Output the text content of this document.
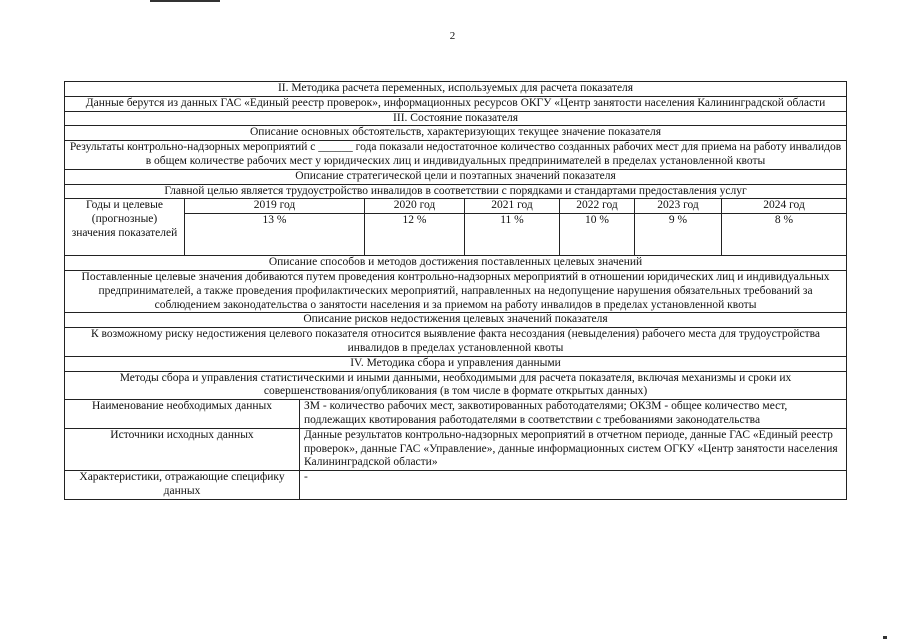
2
II. Методика расчета переменных, используемых для расчета показателя							
Данные берутся из данных ГАС «Единый реестр проверок», информационных ресурсов ОКГУ «Центр занятости населения Калининградской области							
III. Состояние показателя							
Описание основных обстоятельств, характеризующих текущее значение показателя							
Результаты контрольно-надзорных мероприятий с ______ года показали недостаточное количество созданных рабочих мест для приема на работу инвалидов в общем количестве рабочих мест у юридических лиц и индивидуальных предпринимателей в пределах установленной квоты							
Описание стратегической цели и поэтапных значений показателя							
Главной целью является трудоустройство инвалидов в соответствии с порядками и стандартами предоставления услуг							
Годы и целевые (прогнозные) значения показателей	2019 год		2020 год	2021 год	2022 год	2023 год	2024 год
	13 %		12 %	11 %	10 %	9 %	8 %
Описание способов и методов достижения поставленных целевых значений							
Поставленные целевые значения добиваются путем проведения контрольно-надзорных мероприятий в отношении юридических лиц и индивидуальных предпринимателей, а также проведения профилактических мероприятий, направленных на недопущение нарушения обязательных требований за соблюдением законодательства о занятости населения и за приемом на работу инвалидов в пределах установленной квоты							
Описание рисков недостижения целевых значений показателя							
К возможному риску недостижения целевого показателя относится выявление факта несоздания (невыделения) рабочего места для трудоустройства инвалидов в пределах установленной квоты							
IV. Методика сбора и управления данными							
Методы сбора и управления статистическими и иными данными, необходимыми для расчета показателя, включая механизмы и сроки их совершенствования/опубликования (в том числе в формате открытых данных)							
Наименование необходимых данных		ЗМ - количество рабочих мест, заквотированных работодателями; ОКЗМ - общее количество мест, подлежащих квотирования работодателями в соответствии с требованиями законодательства					
Источники исходных данных		Данные результатов контрольно-надзорных мероприятий в отчетном периоде, данные ГАС «Единый реестр проверок», данные ГАС «Управление», данные информационных систем ОГКУ «Центр занятости населения Калининградской области»					
Характеристики, отражающие специфику данных		-					
